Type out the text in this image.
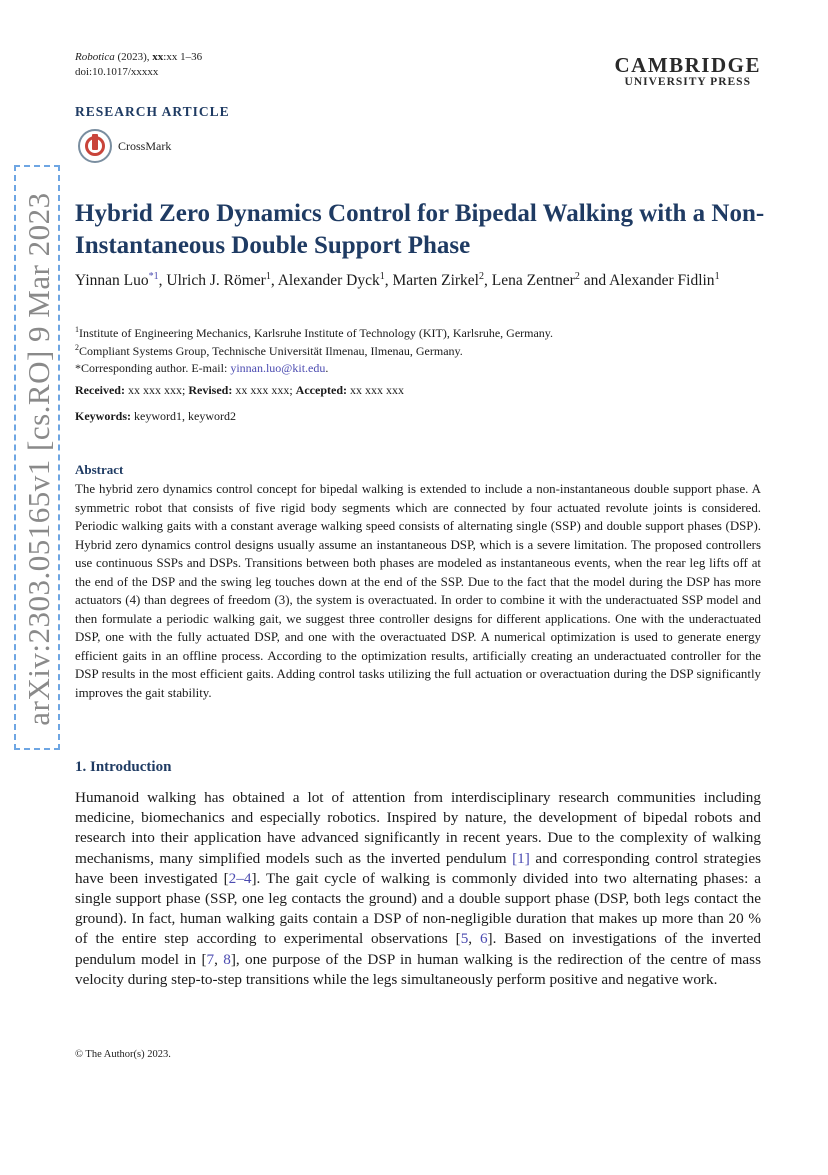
Robotica (2023), xx:xx 1–36
doi:10.1017/xxxxx	CAMBRIDGE
UNIVERSITY PRESS
RESEARCH ARTICLE
CrossMark
arXiv:2303.05165v1 [cs.RO] 9 Mar 2023 Hybrid Zero Dynamics Control for Bipedal Walking with a Non-Instantaneous Double Support Phase
Yinnan Luo$^{*1}$, Ulrich J. Römer$^1$, Alexander Dyck$^1$, Marten Zirkel$^2$, Lena Zentner$^2$ and Alexander Fidlin$^1$
$^1$Institute of Engineering Mechanics, Karlsruhe Institute of Technology (KIT), Karlsruhe, Germany.
$^2$Compliant Systems Group, Technische Universität Ilmenau, Ilmenau, Germany.
*Corresponding author. E-mail: yinnan.luo@kit.edu.
Received: xx xxx xxx; Revised: xx xxx xxx; Accepted: xx xxx xxx
Keywords: keyword1, keyword2
Abstract
The hybrid zero dynamics control concept for bipedal walking is extended to include a non-instantaneous double support phase. A symmetric robot that consists of five rigid body segments which are connected by four actuated revolute joints is considered. Periodic walking gaits with a constant average walking speed consists of alternating single (SSP) and double support phases (DSP). Hybrid zero dynamics control designs usually assume an instantaneous DSP, which is a severe limitation. The proposed controllers use continuous SSPs and DSPs. Transitions between both phases are modeled as instantaneous events, when the rear leg lifts off at the end of the DSP and the swing leg touches down at the end of the SSP. Due to the fact that the model during the DSP has more actuators (4) than degrees of freedom (3), the system is overactuated. In order to combine it with the underactuated SSP model and then formulate a periodic walking gait, we suggest three controller designs for different applications. One with the underactuated DSP, one with the fully actuated DSP, and one with the overactuated DSP. A numerical optimization is used to generate energy efficient gaits in an offline process. According to the optimization results, artificially creating an underactuated controller for the DSP results in the most efficient gaits. Adding control tasks utilizing the full actuation or overactuation during the DSP significantly improves the gait stability.
1. Introduction
Humanoid walking has obtained a lot of attention from interdisciplinary research communities including medicine, biomechanics and especially robotics. Inspired by nature, the development of bipedal robots and research into their application have advanced significantly in recent years. Due to the complexity of walking mechanisms, many simplified models such as the inverted pendulum [1] and corresponding control strategies have been investigated [2–4]. The gait cycle of walking is commonly divided into two alternating phases: a single support phase (SSP, one leg contacts the ground) and a double support phase (DSP, both legs contact the ground). In fact, human walking gaits contain a DSP of non-negligible duration that makes up more than 20 % of the entire step according to experimental observations [5, 6]. Based on investigations of the inverted pendulum model in [7, 8], one purpose of the DSP in human walking is the redirection of the centre of mass velocity during step-to-step transitions while the legs simultaneously perform positive and negative work.
© The Author(s) 2023.
